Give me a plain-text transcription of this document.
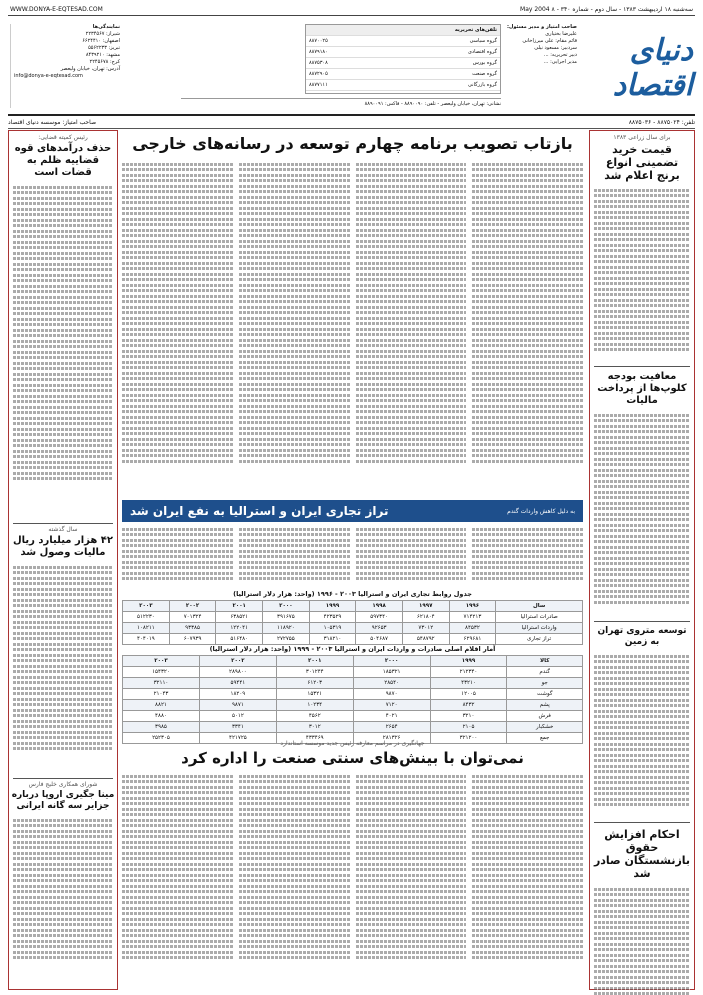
سه‌شنبه ۱۸ اردیبهشت ۱۳۸۳ - سال دوم - شماره ۳۴۰ - ۸ May 2004
WWW.DONYA-E-EQTESAD.COM
دنیای اقتصاد
صاحب امتیاز و مدیر مسئول:
علیرضا بختیاری
قائم مقام: علی میرزاخانی
سردبیر: مسعود نیلی
دبیر تحریریه: ...
مدیر اجرایی: ...
تلفن‌های تحریریه
گروه سیاسی
۸۸۷۰۰۲۵
گروه اقتصادی
۸۸۷۹۱۸۰
گروه بورس
۸۸۷۵۳۰۸
گروه صنعت
۸۸۷۲۹۰۵
گروه بازرگانی
۸۸۷۷۱۱۱
نشانی: تهران، خیابان ولیعصر - تلفن: ۸۸۹۰۰۹۰ - فاکس: ۸۸۹۰۰۹۱
نمایندگی‌ها
شیراز: ۲۲۳۴۵۶۷
اصفهان: ۶۶۲۴۴۱۰
تبریز: ۵۵۶۲۲۳۳
مشهد: ۸۴۳۹۲۱۰
کرج: ۲۲۴۵۶۷۸
آدرس: تهران، خیابان ولیعصر
info@donya-e-eqtesad.com
تلفن: ۸۸۷۵۰۲۴ - ۸۸۷۵۰۳۶
صاحب امتیاز: موسسه دنیای اقتصاد
برای سال زراعی ۱۳۸۳
قیمت خرید تضمینی انواع برنج اعلام شد
معافیت بودجه کلوپ‌ها از پرداخت مالیات
توسعه متروی تهران به زمین
احکام افزایش حقوق بازنشستگان صادر شد
رئیس کمیته قضایی:
حذف درآمدهای قوه قضاییه ظلم به قضات است
سال گذشته
۴۲ هزار میلیارد ریال مالیات وصول شد
شورای همکاری خلیج فارس
مینا جگیری اروپا درباره جزایر سه گانه ایرانی
بازتاب تصویب برنامه چهارم توسعه در رسانه‌های خارجی
به دلیل کاهش واردات گندم
تراز تجاری ایران و استرالیا به نفع ایران شد
جدول روابط تجاری ایران و استرالیا ۲۰۰۳ - ۱۹۹۶ (واحد: هزار دلار استرالیا)
سال	۱۹۹۶	۱۹۹۷	۱۹۹۸	۱۹۹۹	۲۰۰۰	۲۰۰۱	۲۰۰۲	۲۰۰۳
صادرات استرالیا	۷۱۴۲۱۳	۶۲۱۸۰۴	۵۹۷۳۴۰	۴۲۳۵۲۹	۳۹۱۶۷۵	۶۳۸۵۲۱	۷۰۱۳۲۴	۵۱۲۲۳۰
واردات استرالیا	۸۴۵۳۲	۷۳۰۱۲	۹۲۶۵۳	۱۰۵۳۱۹	۱۱۸۹۲۰	۱۲۲۰۴۱	۹۳۳۸۵	۱۰۸۲۱۱
تراز تجاری	۶۲۹۶۸۱	۵۴۸۷۹۲	۵۰۴۶۸۷	۳۱۸۲۱۰	۲۷۲۷۵۵	۵۱۶۴۸۰	۶۰۷۹۳۹	۴۰۴۰۱۹
آمار اقلام اصلی صادرات و واردات ایران و استرالیا ۲۰۰۳ - ۱۹۹۹ (واحد: هزار دلار استرالیا)
کالا	۱۹۹۹	۲۰۰۰	۲۰۰۱	۲۰۰۲	۲۰۰۳
گندم	۲۱۲۳۴۰	۱۸۵۳۲۱	۳۰۱۲۴۴	۲۸۹۸۰۰	۱۵۴۳۲۰
جو	۴۳۲۱۰	۲۸۵۴۰	۶۱۲۰۳	۵۹۴۴۱	۳۲۱۱۰
گوشت	۱۲۰۰۵	۹۸۷۰	۱۵۳۲۱	۱۸۲۰۹	۲۱۰۴۳
پشم	۸۴۳۲	۷۱۲۰	۱۰۲۳۴	۹۸۷۱	۸۸۲۱
فرش	۳۲۱۰	۴۰۲۱	۴۵۶۲	۵۰۱۲	۴۸۸۰
خشکبار	۲۱۰۵	۲۶۵۴	۳۰۱۲	۳۳۴۱	۳۹۸۵
جمع	۳۲۱۲۰۰	۲۸۱۳۲۶	۴۳۳۴۶۹	۴۲۱۷۲۵	۲۵۲۳۰۵
جهانگیری در مراسم معارفه رئیس جدید موسسه استاندارد
نمی‌توان با بینش‌های سنتی صنعت را اداره کرد
